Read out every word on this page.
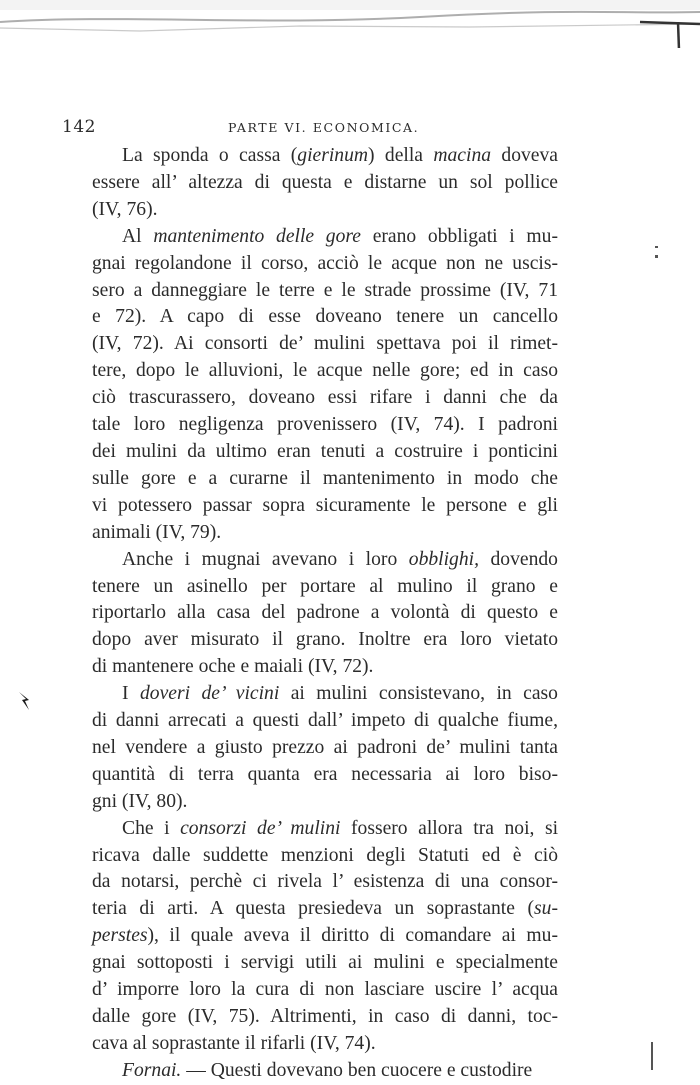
142	PARTE VI. ECONOMICA.
La sponda o cassa (gierinum) della macina doveva
essere all’ altezza di questa e distarne un sol pollice
(IV, 76).
Al mantenimento delle gore erano obbligati i mu-
gnai regolandone il corso, acciò le acque non ne uscis-
sero a danneggiare le terre e le strade prossime (IV, 71
e 72). A capo di esse doveano tenere un cancello
(IV, 72). Ai consorti de’ mulini spettava poi il rimet-
tere, dopo le alluvioni, le acque nelle gore; ed in caso
ciò trascurassero, doveano essi rifare i danni che da
tale loro negligenza provenissero (IV, 74). I padroni
dei mulini da ultimo eran tenuti a costruire i ponticini
sulle gore e a curarne il mantenimento in modo che
vi potessero passar sopra sicuramente le persone e gli
animali (IV, 79).
Anche i mugnai avevano i loro obblighi, dovendo
tenere un asinello per portare al mulino il grano e
riportarlo alla casa del padrone a volontà di questo e
dopo aver misurato il grano. Inoltre era loro vietato
di mantenere oche e maiali (IV, 72).
I doveri de’ vicini ai mulini consistevano, in caso
di danni arrecati a questi dall’ impeto di qualche fiume,
nel vendere a giusto prezzo ai padroni de’ mulini tanta
quantità di terra quanta era necessaria ai loro biso-
gni (IV, 80).
Che i consorzi de’ mulini fossero allora tra noi, si
ricava dalle suddette menzioni degli Statuti ed è ciò
da notarsi, perchè ci rivela l’ esistenza di una consor-
teria di arti. A questa presiedeva un soprastante (su-
perstes), il quale aveva il diritto di comandare ai mu-
gnai sottoposti i servigi utili ai mulini e specialmente
d’ imporre loro la cura di non lasciare uscire l’ acqua
dalle gore (IV, 75). Altrimenti, in caso di danni, toc-
cava al soprastante il rifarli (IV, 74).
Fornai. — Questi dovevano ben cuocere e custodire
